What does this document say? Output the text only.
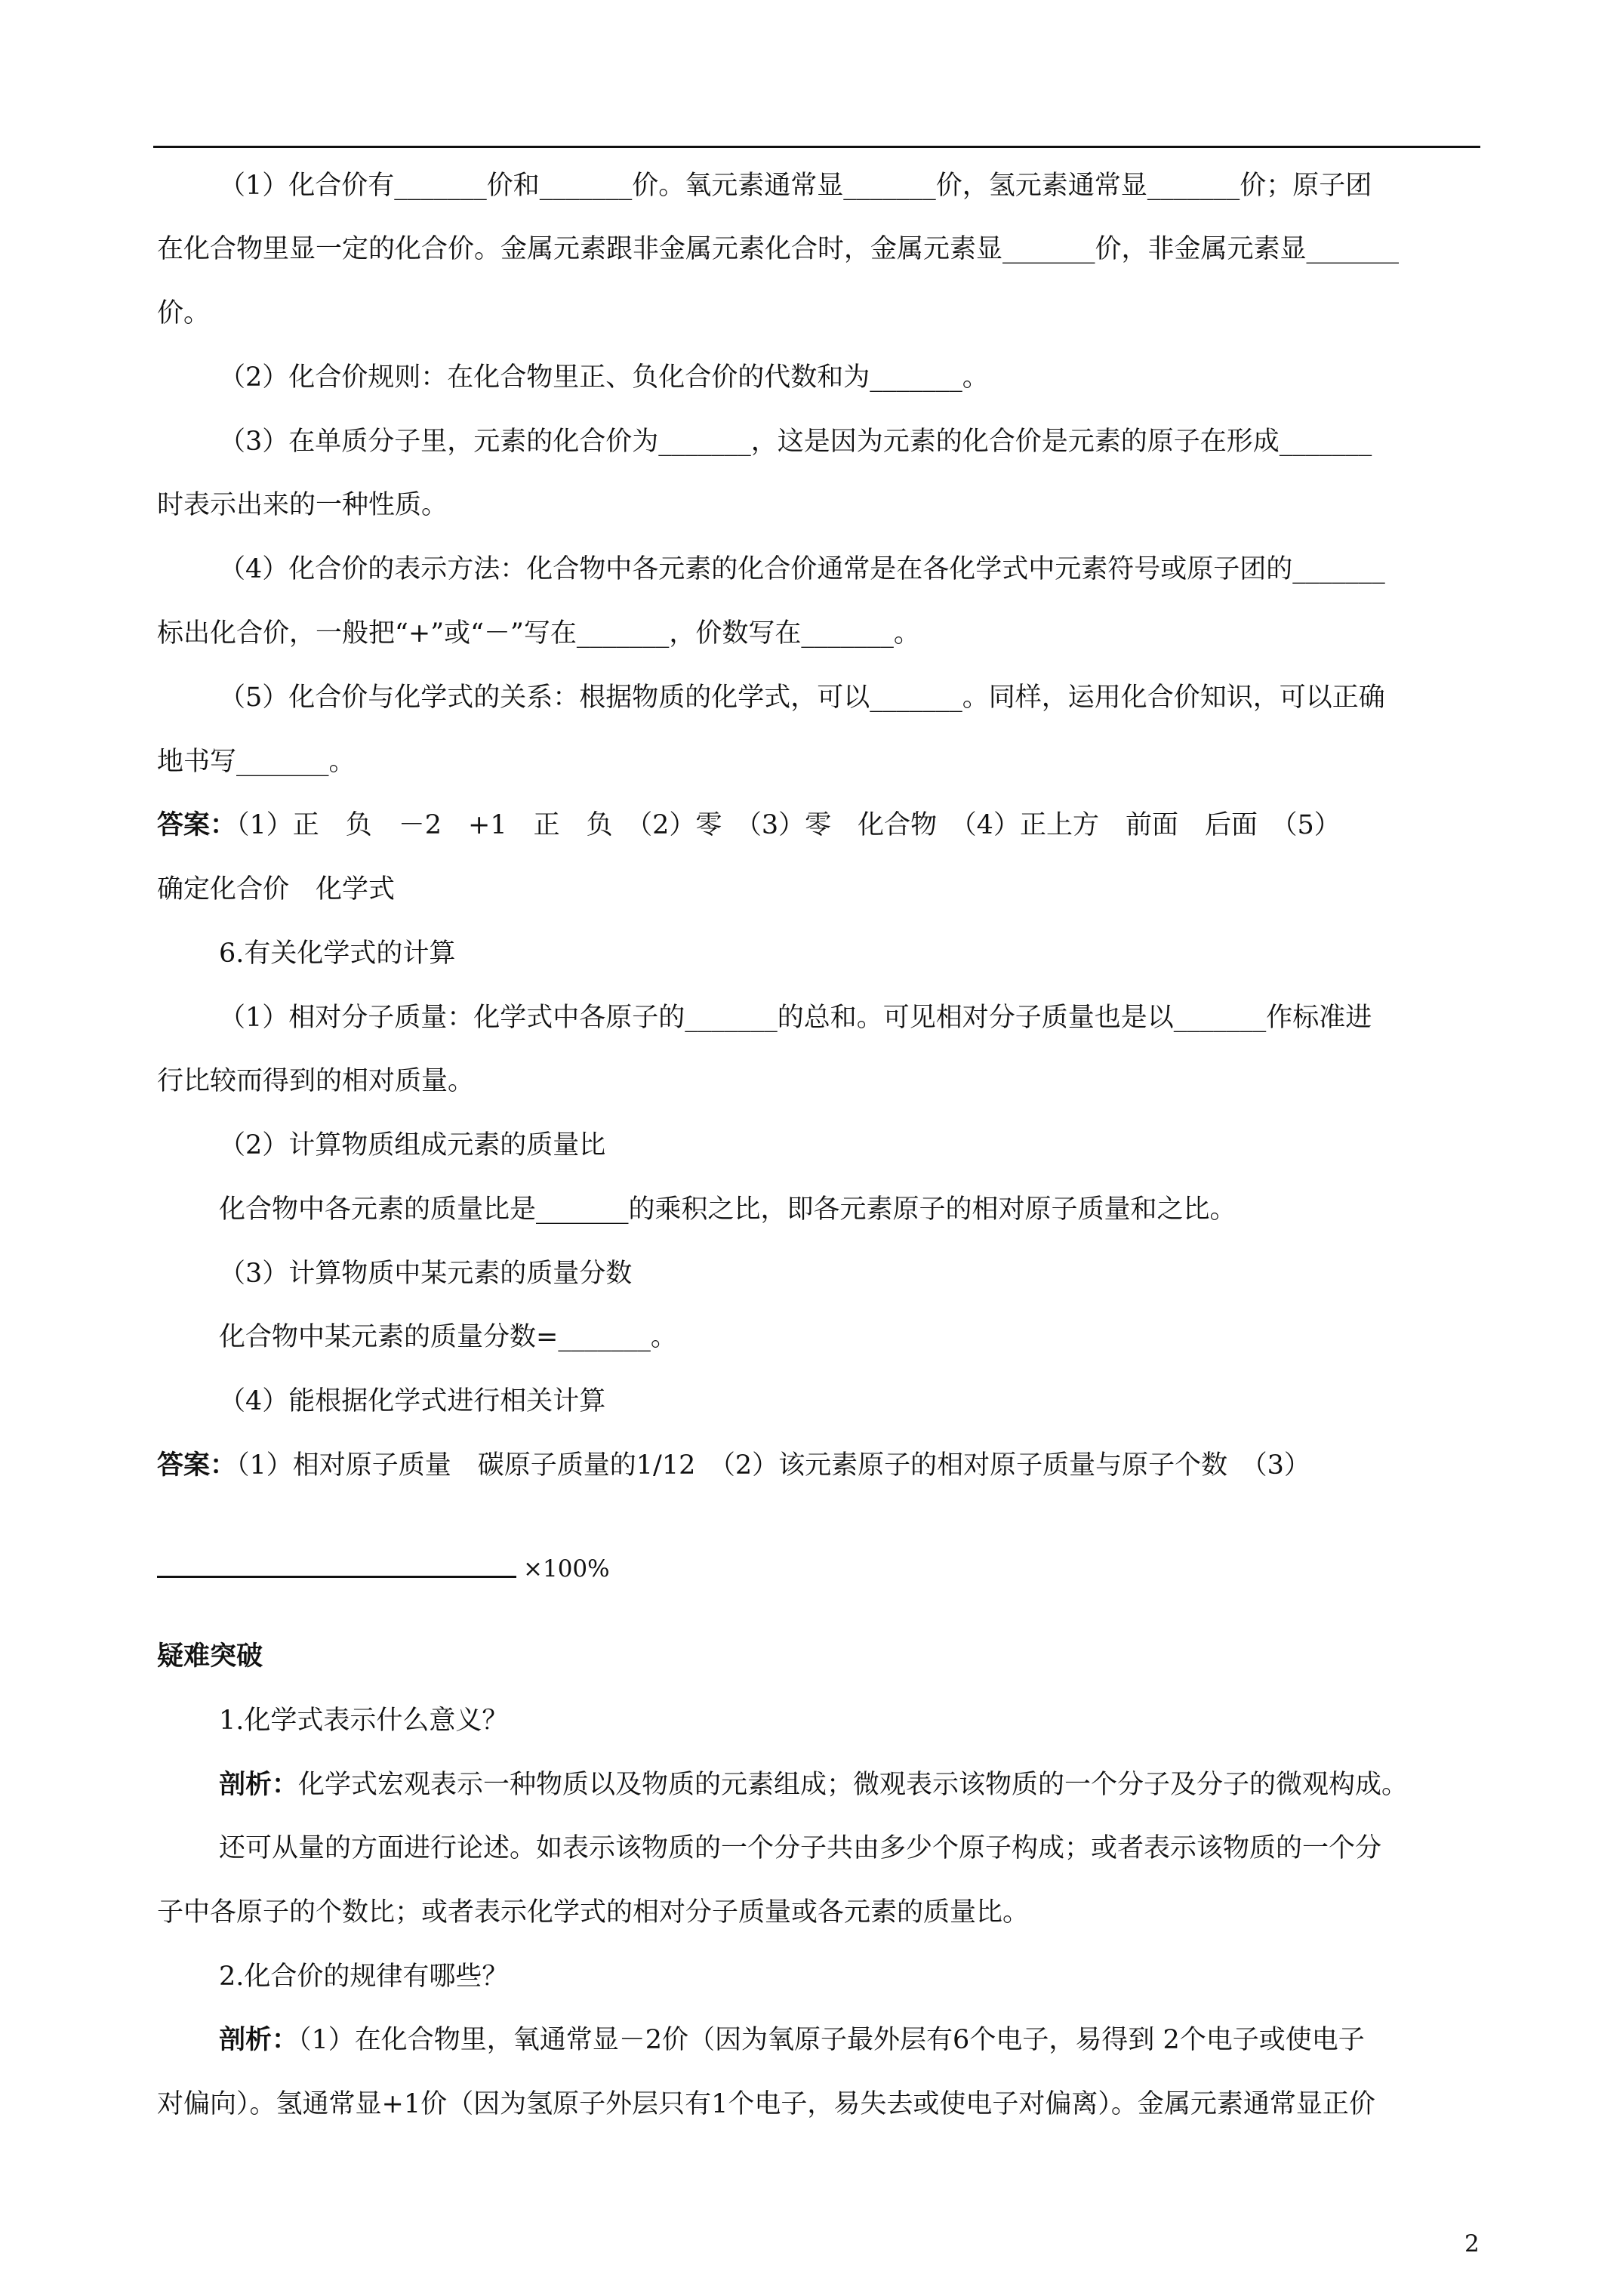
（1）化合价有_______价和_______价。氧元素通常显_______价，氢元素通常显_______价；原子团
在化合物里显一定的化合价。金属元素跟非金属元素化合时，金属元素显_______价，非金属元素显_______
价。
（2）化合价规则：在化合物里正、负化合价的代数和为_______。
（3）在单质分子里，元素的化合价为_______，这是因为元素的化合价是元素的原子在形成_______
时表示出来的一种性质。
（4）化合价的表示方法：化合物中各元素的化合价通常是在各化学式中元素符号或原子团的_______
标出化合价，一般把“+”或“－”写在_______，价数写在_______。
（5）化合价与化学式的关系：根据物质的化学式，可以_______。同样，运用化合价知识，可以正确
地书写_______。
答案：（1）正　负　－2　+1　正　负　（2）零　（3）零　化合物　（4）正上方　前面　后面　（5）
确定化合价　化学式
6.有关化学式的计算
（1）相对分子质量：化学式中各原子的_______的总和。可见相对分子质量也是以_______作标准进
行比较而得到的相对质量。
（2）计算物质组成元素的质量比
化合物中各元素的质量比是_______的乘积之比，即各元素原子的相对原子质量和之比。
（3）计算物质中某元素的质量分数
化合物中某元素的质量分数=_______。
（4）能根据化学式进行相关计算
答案：（1）相对原子质量　碳原子质量的1/12　（2）该元素原子的相对原子质量与原子个数　（3）
×100%
疑难突破
1.化学式表示什么意义？
剖析：化学式宏观表示一种物质以及物质的元素组成；微观表示该物质的一个分子及分子的微观构成。
还可从量的方面进行论述。如表示该物质的一个分子共由多少个原子构成；或者表示该物质的一个分
子中各原子的个数比；或者表示化学式的相对分子质量或各元素的质量比。
2.化合价的规律有哪些？
剖析：（1）在化合物里，氧通常显－2价（因为氧原子最外层有6个电子，易得到 2个电子或使电子
对偏向）。氢通常显+1价（因为氢原子外层只有1个电子，易失去或使电子对偏离）。金属元素通常显正价
2
